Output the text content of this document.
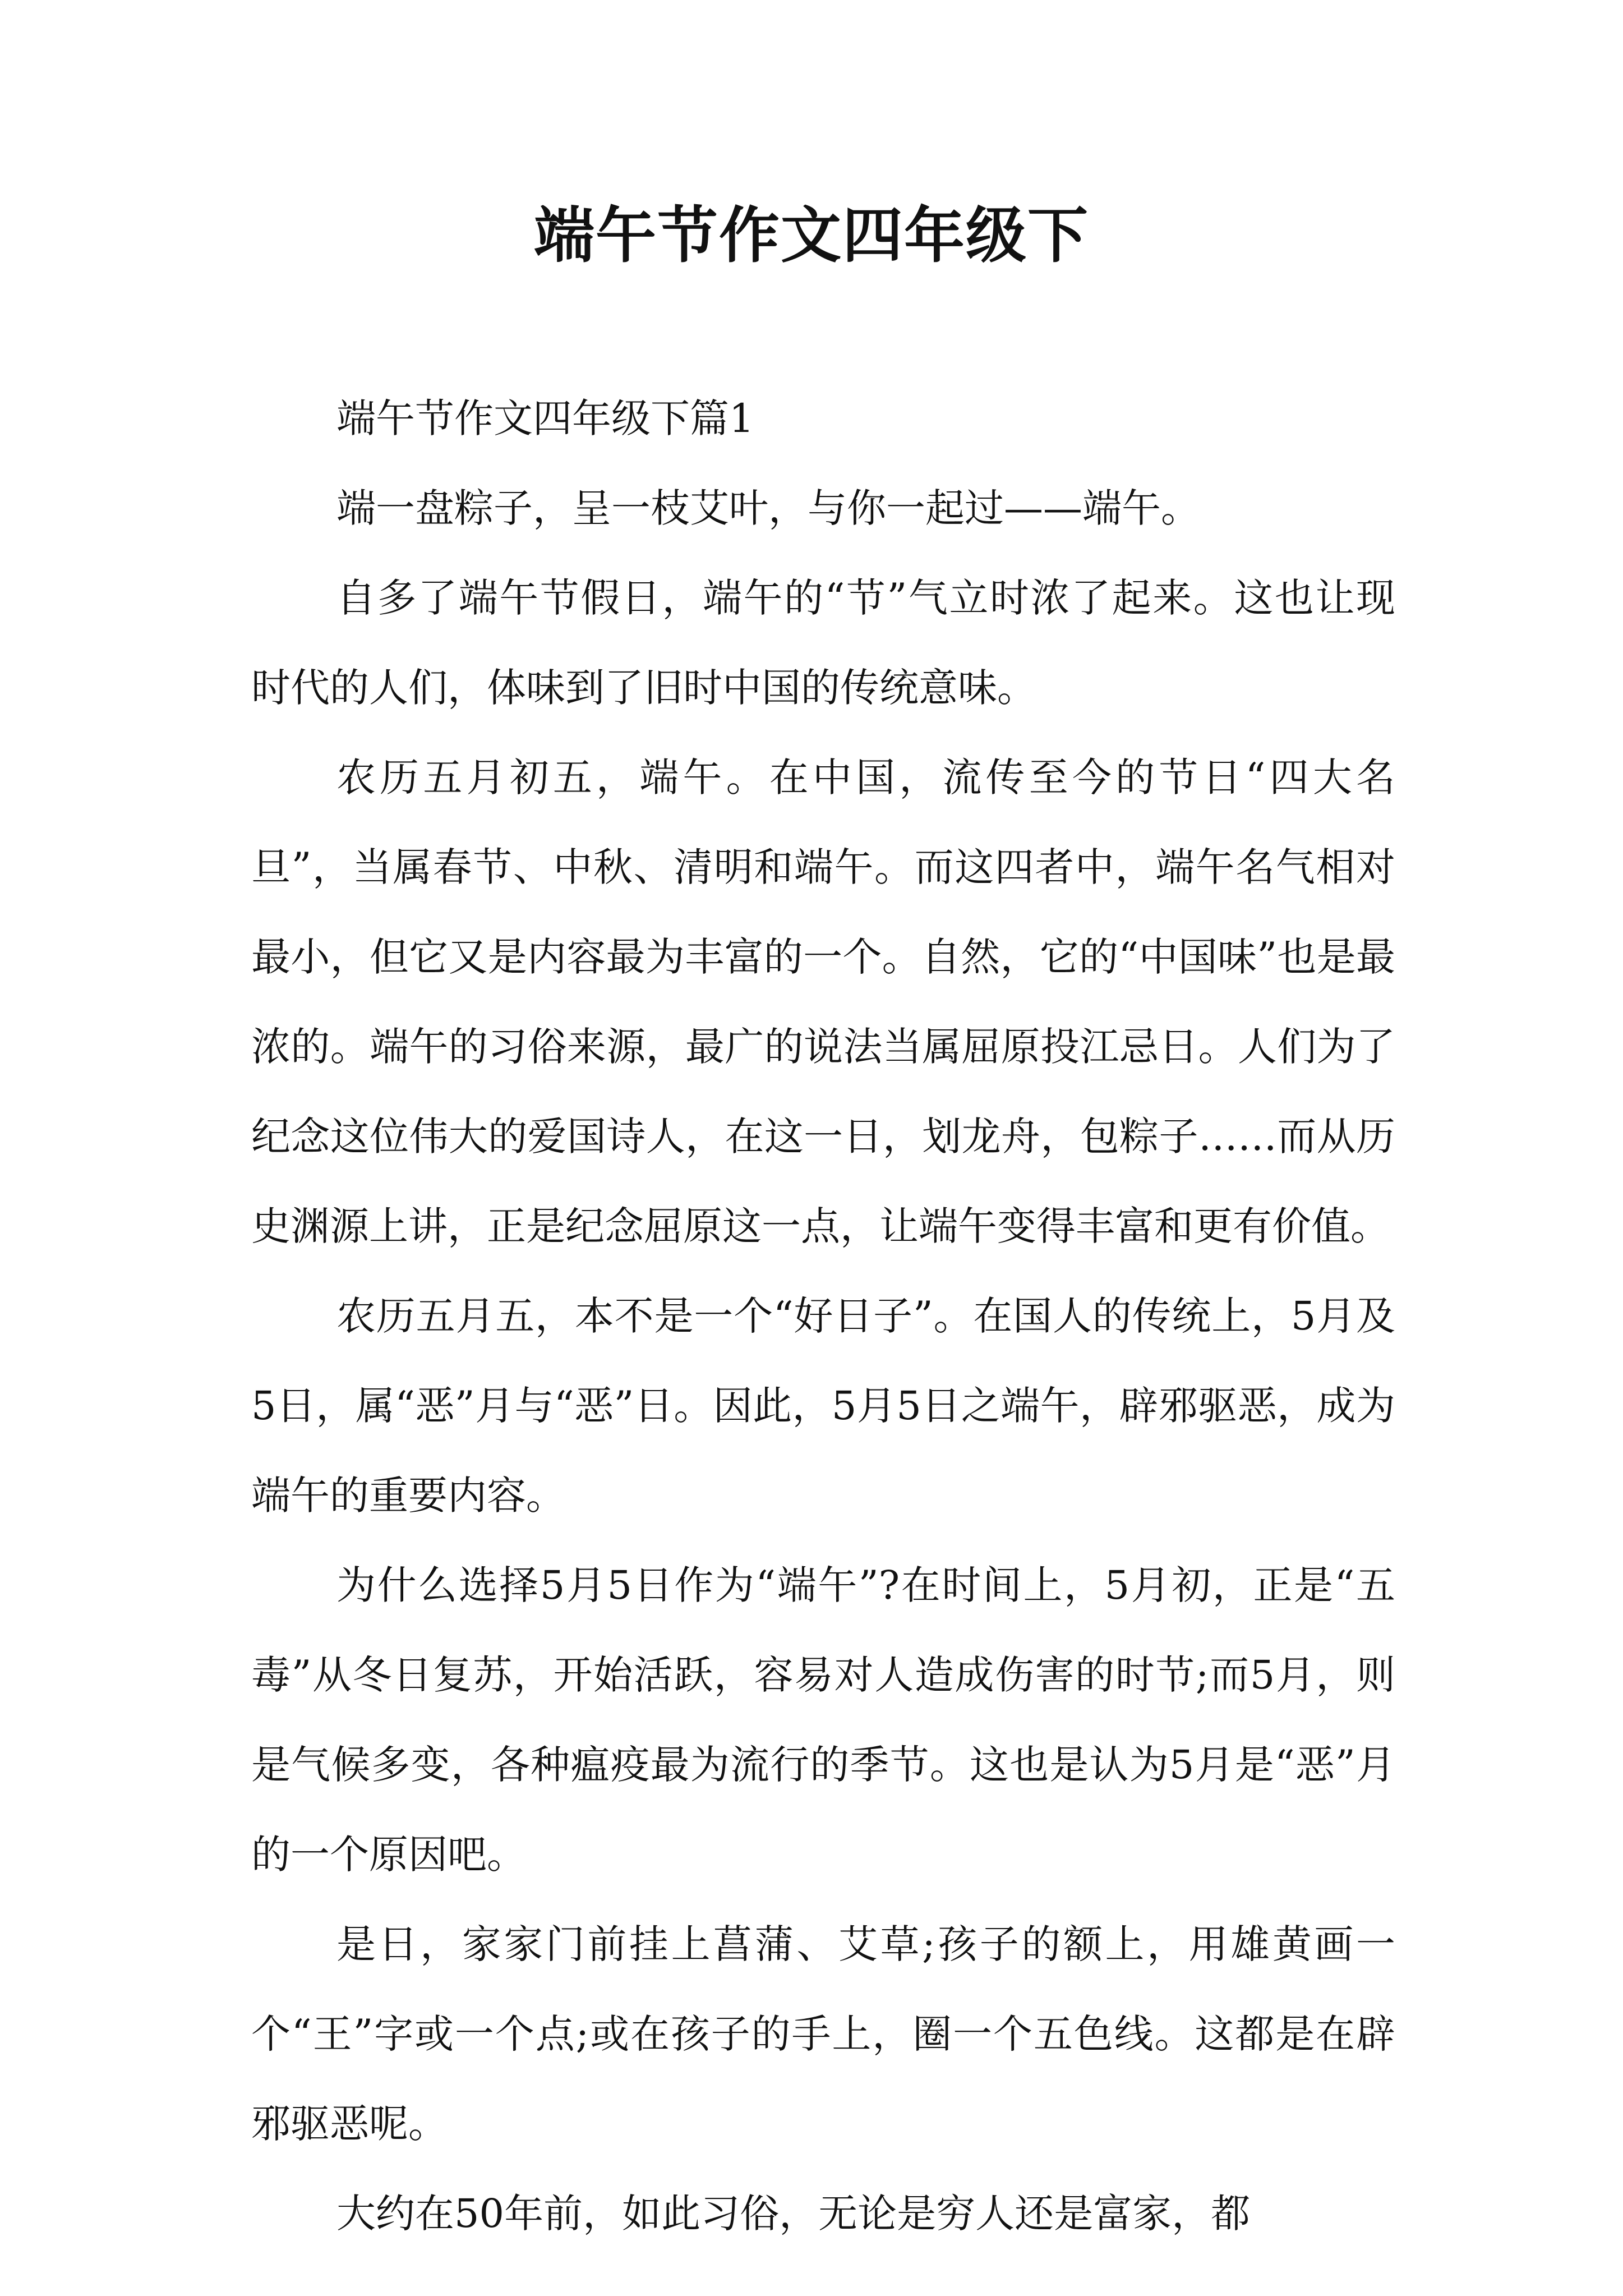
端午节作文四年级下

端午节作文四年级下篇1

端一盘粽子，呈一枝艾叶，与你一起过——端午。

自多了端午节假日，端午的“节”气立时浓了起来。这也让现时代的人们，体味到了旧时中国的传统意味。

农历五月初五，端午。在中国，流传至今的节日“四大名旦”，当属春节、中秋、清明和端午。而这四者中，端午名气相对最小，但它又是内容最为丰富的一个。自然，它的“中国味”也是最浓的。端午的习俗来源，最广的说法当属屈原投江忌日。人们为了纪念这位伟大的爱国诗人，在这一日，划龙舟，包粽子……而从历史渊源上讲，正是纪念屈原这一点，让端午变得丰富和更有价值。

农历五月五，本不是一个“好日子”。在国人的传统上，5月及5日，属“恶”月与“恶”日。因此，5月5日之端午，辟邪驱恶，成为端午的重要内容。

为什么选择5月5日作为“端午”?在时间上，5月初，正是“五毒”从冬日复苏，开始活跃，容易对人造成伤害的时节;而5月，则是气候多变，各种瘟疫最为流行的季节。这也是认为5月是“恶”月的一个原因吧。

是日，家家门前挂上菖蒲、艾草;孩子的额上，用雄黄画一个“王”字或一个点;或在孩子的手上，圈一个五色线。这都是在辟邪驱恶呢。

大约在50年前，如此习俗，无论是穷人还是富家，都
